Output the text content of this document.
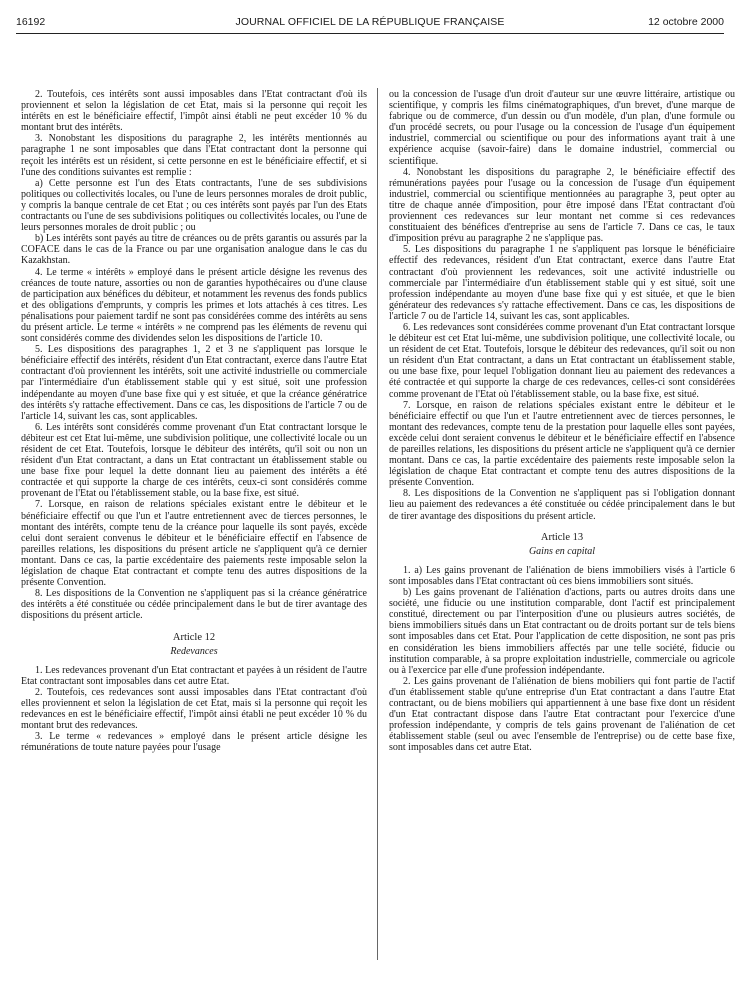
16192	JOURNAL OFFICIEL DE LA RÉPUBLIQUE FRANÇAISE	12 octobre 2000

2. Toutefois, ces intérêts sont aussi imposables dans l'Etat contractant d'où ils proviennent et selon la législation de cet Etat, mais si la personne qui reçoit les intérêts en est le bénéficiaire effectif, l'impôt ainsi établi ne peut excéder 10 % du montant brut des intérêts.

3. Nonobstant les dispositions du paragraphe 2, les intérêts mentionnés au paragraphe 1 ne sont imposables que dans l'Etat contractant dont la personne qui reçoit les intérêts est un résident, si cette personne en est le bénéficiaire effectif, et si l'une des conditions suivantes est remplie :

a) Cette personne est l'un des Etats contractants, l'une de ses subdivisions politiques ou collectivités locales, ou l'une de leurs personnes morales de droit public, y compris la banque centrale de cet Etat ; ou ces intérêts sont payés par l'un des Etats contractants ou l'une de ses subdivisions politiques ou collectivités locales, ou l'une de leurs personnes morales de droit public ; ou

b) Les intérêts sont payés au titre de créances ou de prêts garantis ou assurés par la COFACE dans le cas de la France ou par une organisation analogue dans le cas du Kazakhstan.

4. Le terme « intérêts » employé dans le présent article désigne les revenus des créances de toute nature, assorties ou non de garanties hypothécaires ou d'une clause de participation aux bénéfices du débiteur, et notamment les revenus des fonds publics et des obligations d'emprunts, y compris les primes et lots attachés à ces titres. Les pénalisations pour paiement tardif ne sont pas considérées comme des intérêts au sens du présent article. Le terme « intérêts » ne comprend pas les éléments de revenu qui sont considérés comme des dividendes selon les dispositions de l'article 10.

5. Les dispositions des paragraphes 1, 2 et 3 ne s'appliquent pas lorsque le bénéficiaire effectif des intérêts, résident d'un Etat contractant, exerce dans l'autre Etat contractant d'où proviennent les intérêts, soit une activité industrielle ou commerciale par l'intermédiaire d'un établissement stable qui y est situé, soit une profession indépendante au moyen d'une base fixe qui y est située, et que la créance génératrice des intérêts s'y rattache effectivement. Dans ce cas, les dispositions de l'article 7 ou de l'article 14, suivant les cas, sont applicables.

6. Les intérêts sont considérés comme provenant d'un Etat contractant lorsque le débiteur est cet Etat lui-même, une subdivision politique, une collectivité locale ou un résident de cet Etat. Toutefois, lorsque le débiteur des intérêts, qu'il soit ou non un résident d'un Etat contractant, a dans un Etat contractant un établissement stable ou une base fixe pour lequel la dette donnant lieu au paiement des intérêts a été contractée et qui supporte la charge de ces intérêts, ceux-ci sont considérés comme provenant de l'Etat ou l'établissement stable, ou la base fixe, est situé.

7. Lorsque, en raison de relations spéciales existant entre le débiteur et le bénéficiaire effectif ou que l'un et l'autre entretiennent avec de tierces personnes, le montant des intérêts, compte tenu de la créance pour laquelle ils sont payés, excède celui dont seraient convenus le débiteur et le bénéficiaire effectif en l'absence de pareilles relations, les dispositions du présent article ne s'appliquent qu'à ce dernier montant. Dans ce cas, la partie excédentaire des paiements reste imposable selon la législation de chaque Etat contractant et compte tenu des autres dispositions de la présente Convention.

8. Les dispositions de la Convention ne s'appliquent pas si la créance génératrice des intérêts a été constituée ou cédée principalement dans le but de tirer avantage des dispositions du présent article.

Article 12
Redevances

1. Les redevances provenant d'un Etat contractant et payées à un résident de l'autre Etat contractant sont imposables dans cet autre Etat.

2. Toutefois, ces redevances sont aussi imposables dans l'Etat contractant d'où elles proviennent et selon la législation de cet Etat, mais si la personne qui reçoit les redevances en est le bénéficiaire effectif, l'impôt ainsi établi ne peut excéder 10 % du montant brut des redevances.

3. Le terme « redevances » employé dans le présent article désigne les rémunérations de toute nature payées pour l'usage

ou la concession de l'usage d'un droit d'auteur sur une œuvre littéraire, artistique ou scientifique, y compris les films cinématographiques, d'un brevet, d'une marque de fabrique ou de commerce, d'un dessin ou d'un modèle, d'un plan, d'une formule ou d'un procédé secrets, ou pour l'usage ou la concession de l'usage d'un équipement industriel, commercial ou scientifique ou pour des informations ayant trait à une expérience acquise (savoir-faire) dans le domaine industriel, commercial ou scientifique.

4. Nonobstant les dispositions du paragraphe 2, le bénéficiaire effectif des rémunérations payées pour l'usage ou la concession de l'usage d'un équipement industriel, commercial ou scientifique mentionnées au paragraphe 3, peut opter au titre de chaque année d'imposition, pour être imposé dans l'Etat contractant d'où proviennent ces redevances sur leur montant net comme si ces redevances constituaient des bénéfices d'entreprise au sens de l'article 7. Dans ce cas, le taux d'imposition prévu au paragraphe 2 ne s'applique pas.

5. Les dispositions du paragraphe 1 ne s'appliquent pas lorsque le bénéficiaire effectif des redevances, résident d'un Etat contractant, exerce dans l'autre Etat contractant d'où proviennent les redevances, soit une activité industrielle ou commerciale par l'intermédiaire d'un établissement stable qui y est situé, soit une profession indépendante au moyen d'une base fixe qui y est située, et que le bien générateur des redevances s'y rattache effectivement. Dans ce cas, les dispositions de l'article 7 ou de l'article 14, suivant les cas, sont applicables.

6. Les redevances sont considérées comme provenant d'un Etat contractant lorsque le débiteur est cet Etat lui-même, une subdivision politique, une collectivité locale, ou un résident de cet Etat. Toutefois, lorsque le débiteur des redevances, qu'il soit ou non un résident d'un Etat contractant, a dans un Etat contractant un établissement stable, ou une base fixe, pour lequel l'obligation donnant lieu au paiement des redevances a été contractée et qui supporte la charge de ces redevances, celles-ci sont considérées comme provenant de l'Etat où l'établissement stable, ou la base fixe, est situé.

7. Lorsque, en raison de relations spéciales existant entre le débiteur et le bénéficiaire effectif ou que l'un et l'autre entretiennent avec de tierces personnes, le montant des redevances, compte tenu de la prestation pour laquelle elles sont payées, excède celui dont seraient convenus le débiteur et le bénéficiaire effectif en l'absence de pareilles relations, les dispositions du présent article ne s'appliquent qu'à ce dernier montant. Dans ce cas, la partie excédentaire des paiements reste imposable selon la législation de chaque Etat contractant et compte tenu des autres dispositions de la présente Convention.

8. Les dispositions de la Convention ne s'appliquent pas si l'obligation donnant lieu au paiement des redevances a été constituée ou cédée principalement dans le but de tirer avantage des dispositions du présent article.

Article 13
Gains en capital

1. a) Les gains provenant de l'aliénation de biens immobiliers visés à l'article 6 sont imposables dans l'Etat contractant où ces biens immobiliers sont situés.

b) Les gains provenant de l'aliénation d'actions, parts ou autres droits dans une société, une fiducie ou une institution comparable, dont l'actif est principalement constitué, directement ou par l'interposition d'une ou plusieurs autres sociétés, de biens immobiliers situés dans un Etat contractant ou de droits portant sur de tels biens sont imposables dans cet Etat. Pour l'application de cette disposition, ne sont pas pris en considération les biens immobiliers affectés par une telle société, fiducie ou institution comparable, à sa propre exploitation industrielle, commerciale ou agricole ou à l'exercice par elle d'une profession indépendante.

2. Les gains provenant de l'aliénation de biens mobiliers qui font partie de l'actif d'un établissement stable qu'une entreprise d'un Etat contractant a dans l'autre Etat contractant, ou de biens mobiliers qui appartiennent à une base fixe dont un résident d'un Etat contractant dispose dans l'autre Etat contractant pour l'exercice d'une profession indépendante, y compris de tels gains provenant de l'aliénation de cet établissement stable (seul ou avec l'ensemble de l'entreprise) ou de cette base fixe, sont imposables dans cet autre Etat.
